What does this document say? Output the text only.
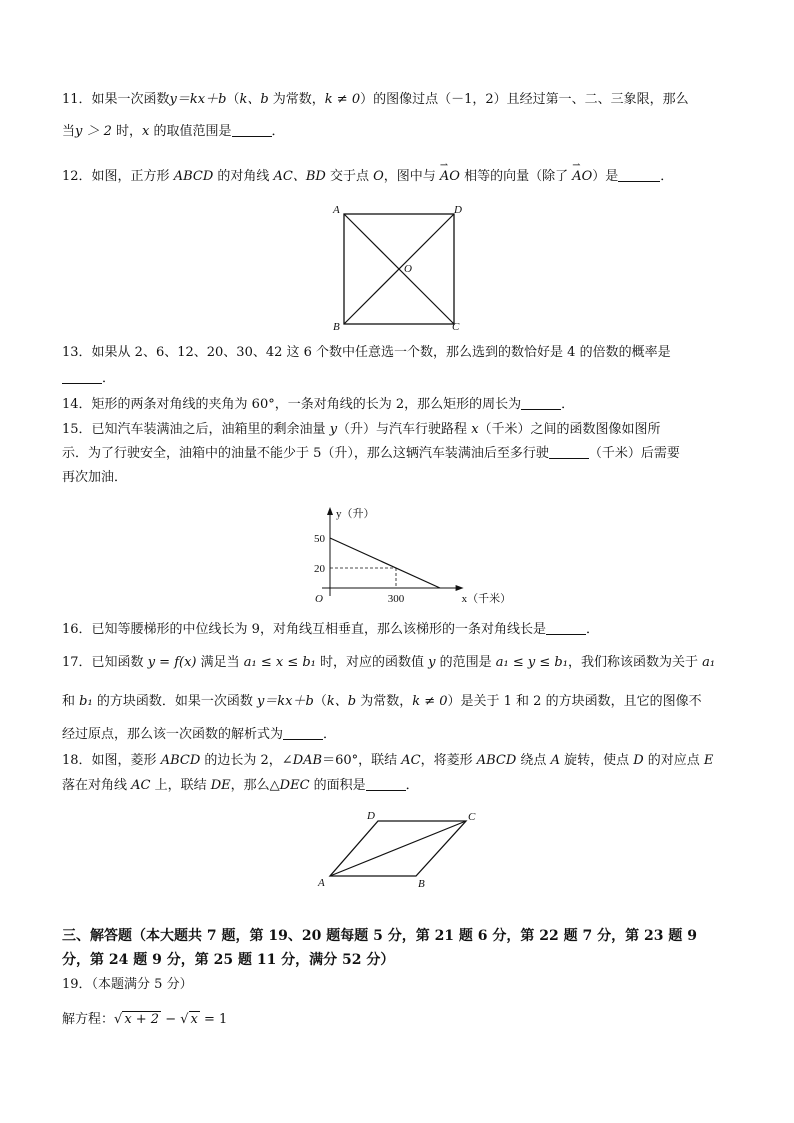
11．如果一次函数y＝kx＋b（k、b 为常数，k ≠ 0）的图像过点（－1，2）且经过第一、二、三象限，那么
当y ＞ 2 时，x 的取值范围是	．
12．如图，正方形 ABCD 的对角线 AC、BD 交于点 O，图中与 ⇀ AO 相等的向量（除了 ⇀ AO）是	．
A	D
B	C
O
13．如果从 2、6、12、20、30、42 这 6 个数中任意选一个数，那么选到的数恰好是 4 的倍数的概率是
．
14．矩形的两条对角线的夹角为 60°，一条对角线的长为 2，那么矩形的周长为	．
15．已知汽车装满油之后，油箱里的剩余油量 y（升）与汽车行驶路程 x（千米）之间的函数图像如图所
示．为了行驶安全，油箱中的油量不能少于 5（升），那么这辆汽车装满油后至多行驶	（千米）后需要
再次加油．
y（升）
x（千米）
O
20
50
300
16．已知等腰梯形的中位线长为 9，对角线互相垂直，那么该梯形的一条对角线长是	．
17．已知函数 y = f(x) 满足当 a₁ ≤ x ≤ b₁ 时，对应的函数值 y 的范围是 a₁ ≤ y ≤ b₁，我们称该函数为关于 a₁
和 b₁ 的方块函数．如果一次函数 y＝kx＋b（k、b 为常数，k ≠ 0）是关于 1 和 2 的方块函数，且它的图像不
经过原点，那么该一次函数的解析式为	．
18．如图，菱形 ABCD 的边长为 2，∠DAB＝60°，联结 AC，将菱形 ABCD 绕点 A 旋转，使点 D 的对应点 E
落在对角线 AC 上，联结 DE，那么△DEC 的面积是	．
A	B
C
D
三、解答题（本大题共 7 题，第 19、20 题每题 5 分，第 21 题 6 分，第 22 题 7 分，第 23 题 9
分，第 24 题 9 分，第 25 题 11 分，满分 52 分）
19．（本题满分 5 分）
解方程：√ x + 2 − √ x = 1
